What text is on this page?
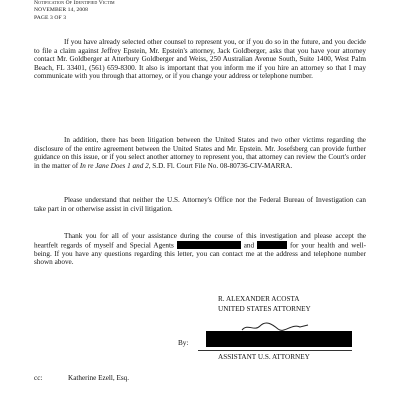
Notification Of Identified Victim
NOVEMBER 14, 2008
PAGE 3 OF 3

If you have already selected other counsel to represent you, or if you do so in the future, and you decide to file a claim against Jeffrey Epstein, Mr. Epstein's attorney, Jack Goldberger, asks that you have your attorney contact Mr. Goldberger at Atterbury Goldberger and Weiss, 250 Australian Avenue South, Suite 1400, West Palm Beach, FL 33401, (561) 659-8300. It also is important that you inform me if you hire an attorney so that I may communicate with you through that attorney, or if you change your address or telephone number.

In addition, there has been litigation between the United States and two other victims regarding the disclosure of the entire agreement between the United States and Mr. Epstein. Mr. Josefsberg can provide further guidance on this issue, or if you select another attorney to represent you, that attorney can review the Court's order in the matter of In re Jane Does 1 and 2, S.D. Fl. Court File No. 08-80736-CIV-MARRA.

Please understand that neither the U.S. Attorney's Office nor the Federal Bureau of Investigation can take part in or otherwise assist in civil litigation.

Thank you for all of your assistance during the course of this investigation and please accept the heartfelt regards of myself and Special Agents	and	for your health and well-being. If you have any questions regarding this letter, you can contact me at the address and telephone number shown above.

R. ALEXANDER ACOSTA
UNITED STATES ATTORNEY
By:
ASSISTANT U.S. ATTORNEY
cc:	Katherine Ezell, Esq.
